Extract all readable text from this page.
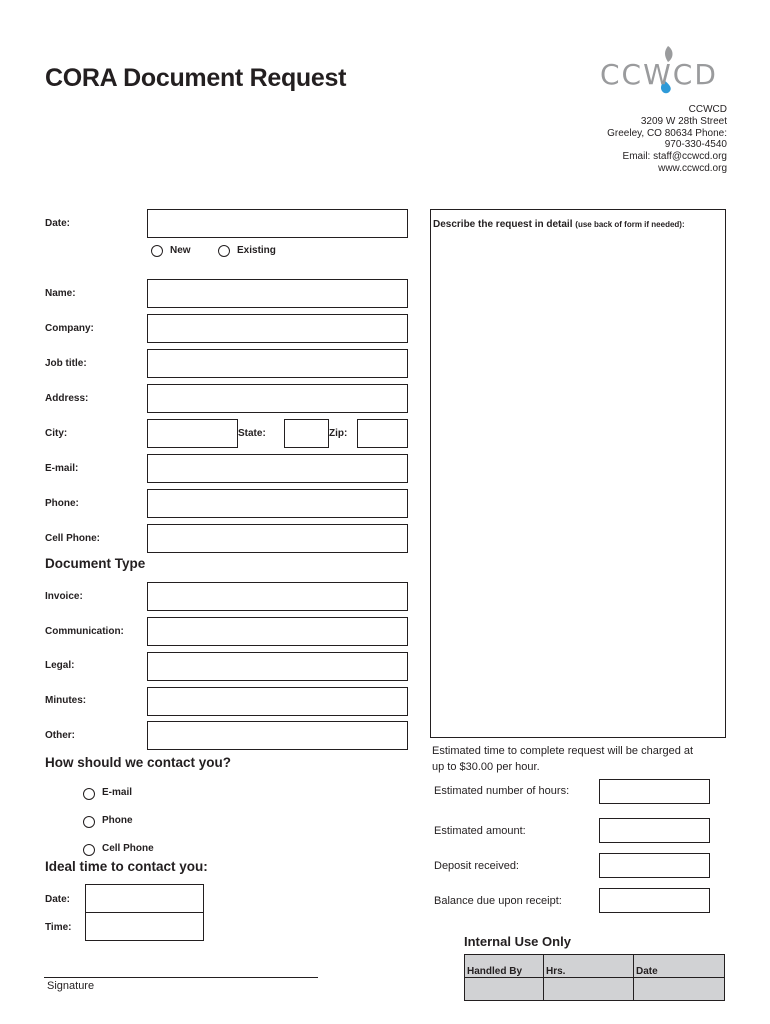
CORA Document Request	CCWCD
CCWCD
3209 W 28th Street
Greeley, CO 80634 Phone:
970-330-4540
Email: staff@ccwcd.org
www.ccwcd.org
Date:
New	Existing
Name:
Company:
Job title:
Address:
City:	State:	Zip:
E-mail:
Phone:
Cell Phone:
Document Type
Invoice:
Communication:
Legal:
Minutes:
Other:
How should we contact you?
E-mail
Phone
Cell Phone
Ideal time to contact you:
Date:
Time:
Signature
Describe the request in detail (use back of form if needed):
Estimated time to complete request will be charged at
up to $30.00 per hour.
Estimated number of hours:
Estimated amount:
Deposit received:
Balance due upon receipt:
Internal Use Only
Handled By	Hrs.	Date
